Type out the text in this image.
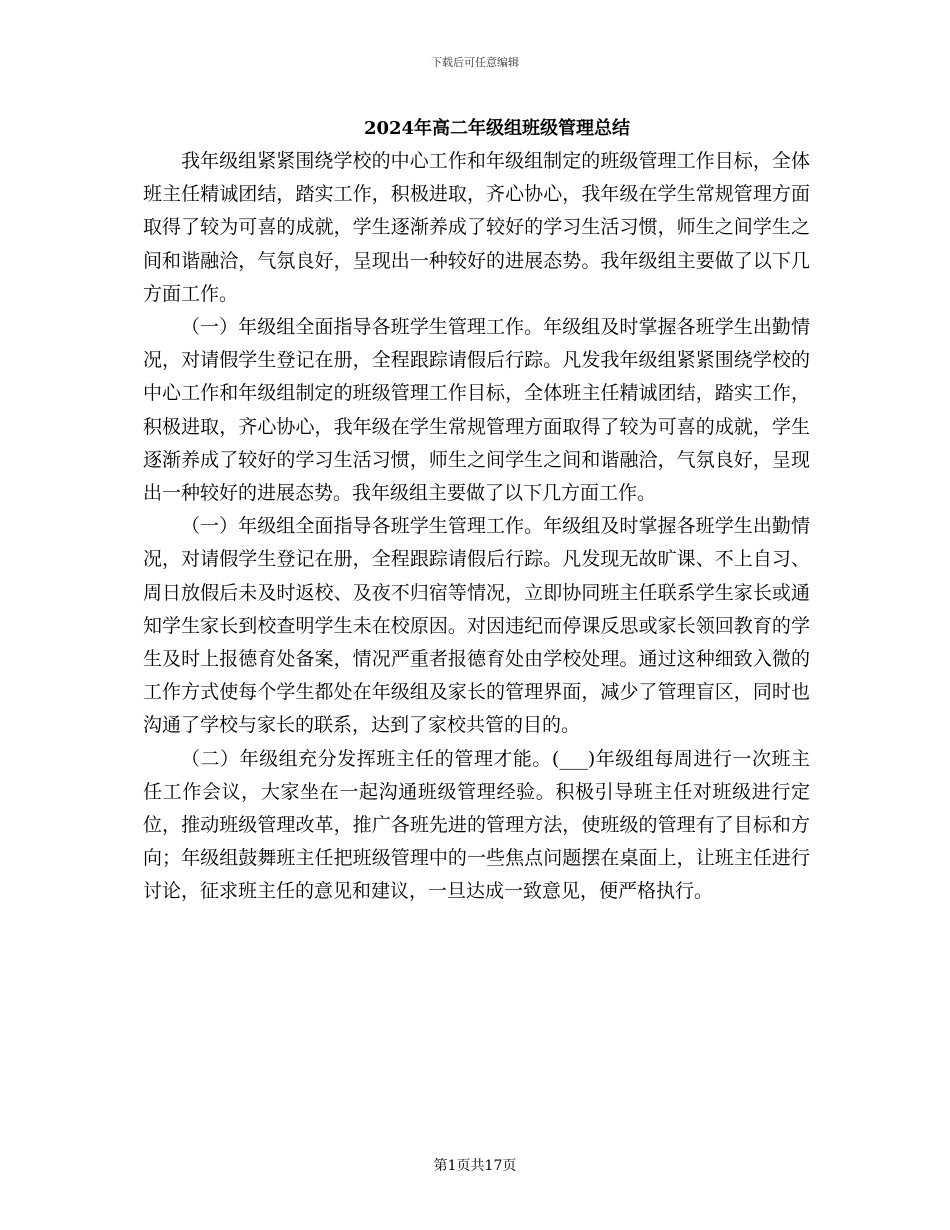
下载后可任意编辑
2024年高二年级组班级管理总结

我年级组紧紧围绕学校的中心工作和年级组制定的班级管理工作目标，全体班主任精诚团结，踏实工作，积极进取，齐心协心，我年级在学生常规管理方面取得了较为可喜的成就，学生逐渐养成了较好的学习生活习惯，师生之间学生之间和谐融洽，气氛良好，呈现出一种较好的进展态势。我年级组主要做了以下几方面工作。

（一）年级组全面指导各班学生管理工作。年级组及时掌握各班学生出勤情况，对请假学生登记在册，全程跟踪请假后行踪。凡发我年级组紧紧围绕学校的中心工作和年级组制定的班级管理工作目标，全体班主任精诚团结，踏实工作，积极进取，齐心协心，我年级在学生常规管理方面取得了较为可喜的成就，学生逐渐养成了较好的学习生活习惯，师生之间学生之间和谐融洽，气氛良好，呈现出一种较好的进展态势。我年级组主要做了以下几方面工作。

（一）年级组全面指导各班学生管理工作。年级组及时掌握各班学生出勤情况，对请假学生登记在册，全程跟踪请假后行踪。凡发现无故旷课、不上自习、周日放假后未及时返校、及夜不归宿等情况，立即协同班主任联系学生家长或通知学生家长到校查明学生未在校原因。对因违纪而停课反思或家长领回教育的学生及时上报德育处备案，情况严重者报德育处由学校处理。通过这种细致入微的工作方式使每个学生都处在年级组及家长的管理界面，减少了管理盲区，同时也沟通了学校与家长的联系，达到了家校共管的目的。

（二）年级组充分发挥班主任的管理才能。(___)年级组每周进行一次班主任工作会议，大家坐在一起沟通班级管理经验。积极引导班主任对班级进行定位，推动班级管理改革，推广各班先进的管理方法，使班级的管理有了目标和方向；年级组鼓舞班主任把班级管理中的一些焦点问题摆在桌面上，让班主任进行讨论，征求班主任的意见和建议，一旦达成一致意见，便严格执行。

第1页共17页
